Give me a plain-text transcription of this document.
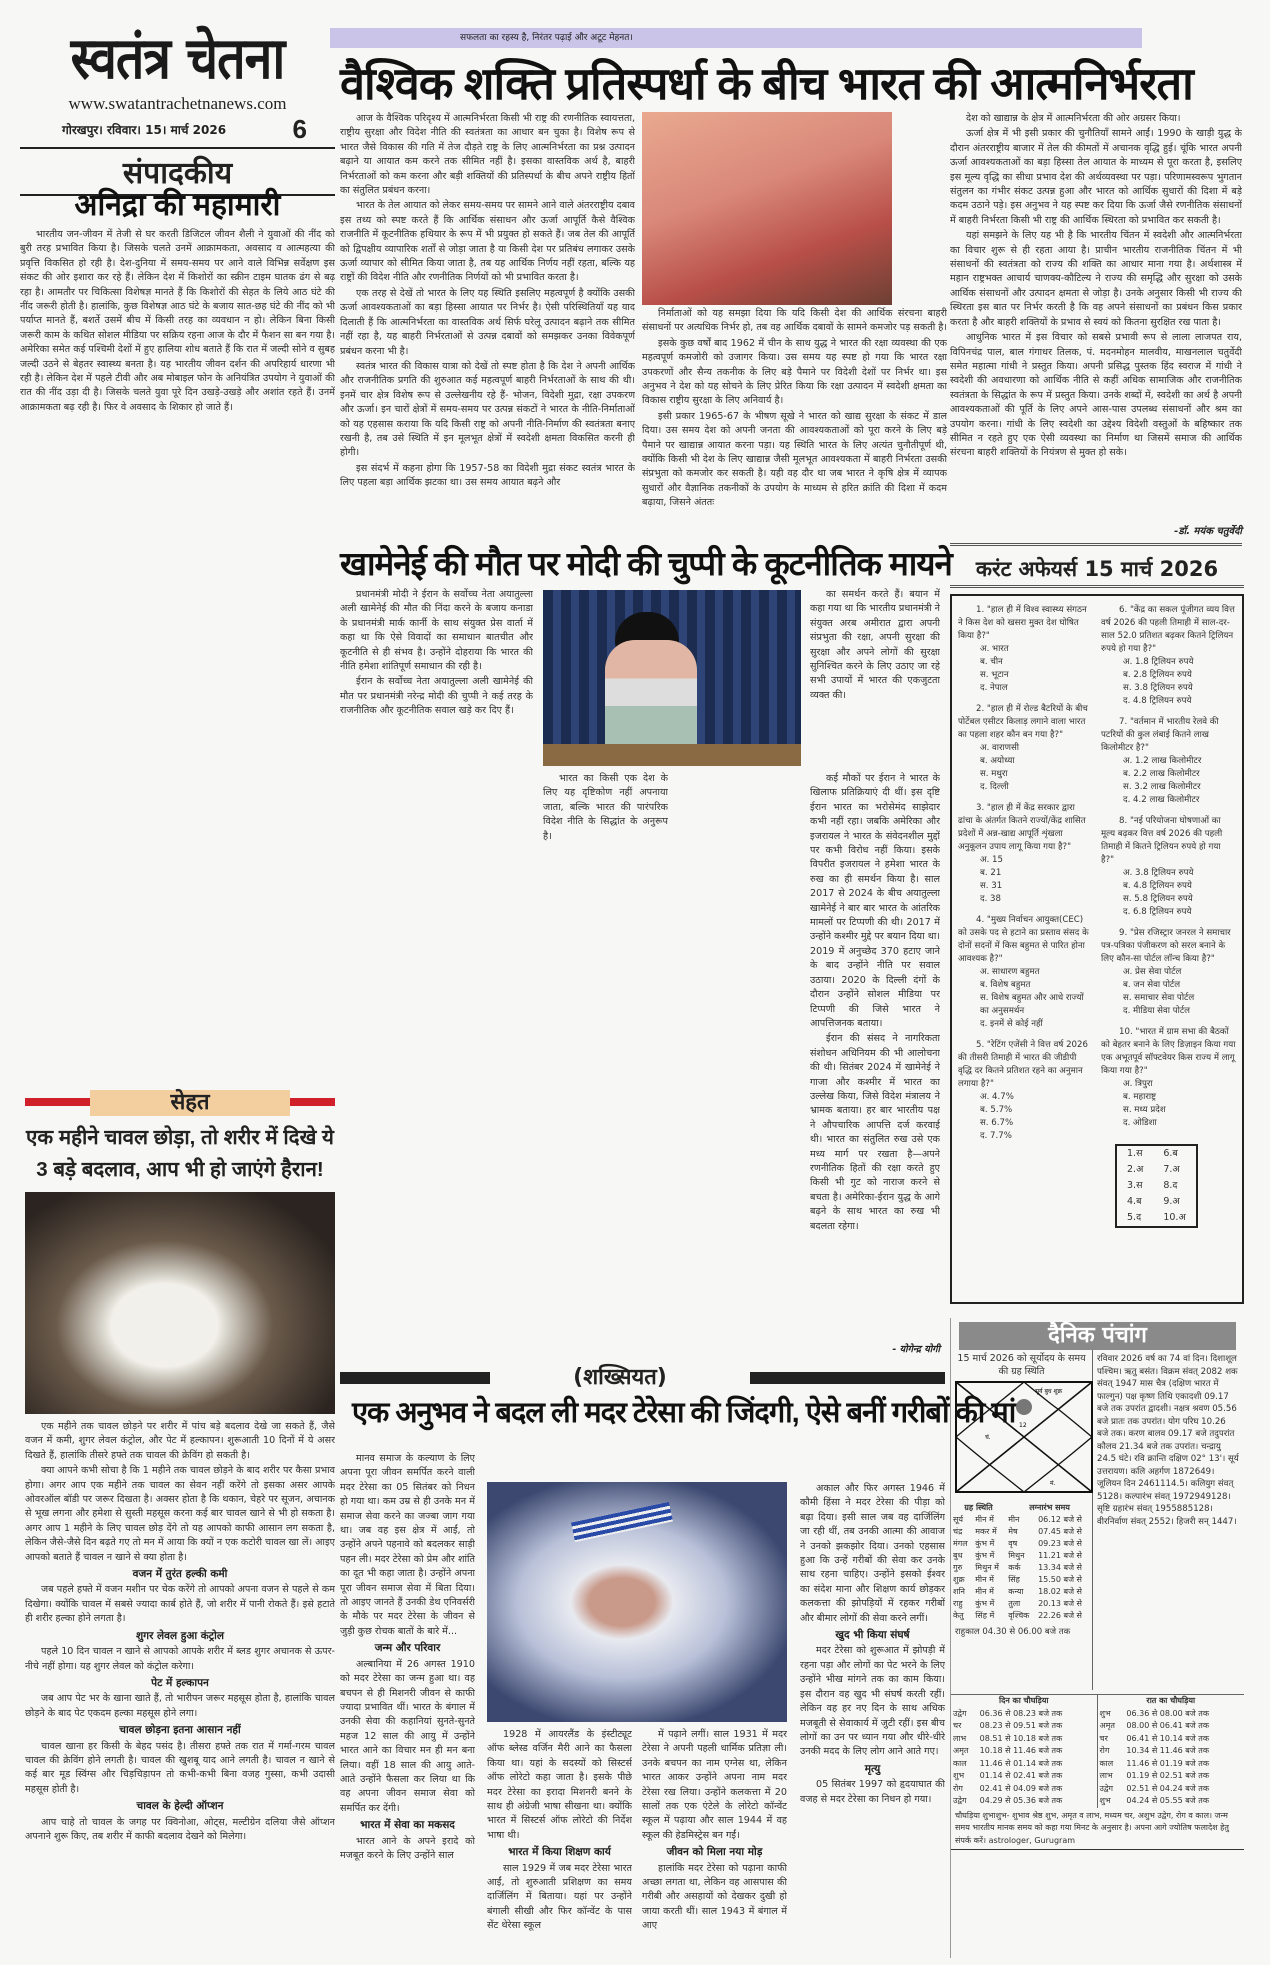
स्वतंत्र चेतना
www.swatantrachetnanews.com
गोरखपुर। रविवार। 15। मार्च 2026	6
संपादकीय
अनिद्रा की महामारी

भारतीय जन-जीवन में तेजी से घर करती डिजिटल जीवन शैली ने युवाओं की नींद को बुरी तरह प्रभावित किया है। जिसके चलते उनमें आक्रामकता, अवसाद व आत्महत्या की प्रवृत्ति विकसित हो रही है। देश-दुनिया में समय-समय पर आने वाले विभिन्न सर्वेक्षण इस संकट की ओर इशारा कर रहे हैं। लेकिन देश में किशोरों का स्क्रीन टाइम घातक ढंग से बढ़ रहा है। आमतौर पर चिकित्सा विशेषज्ञ मानते हैं कि किशोरों की सेहत के लिये आठ घंटे की नींद जरूरी होती है। हालांकि, कुछ विशेषज्ञ आठ घंटे के बजाय सात-छह घंटे की नींद को भी पर्याप्त मानते हैं, बशर्ते उसमें बीच में किसी तरह का व्यवधान न हो। लेकिन बिना किसी जरूरी काम के कथित सोशल मीडिया पर सक्रिय रहना आज के दौर में फैशन सा बन गया है। अमेरिका समेत कई पश्चिमी देशों में हुए हालिया शोध बताते हैं कि रात में जल्दी सोने व सुबह जल्दी उठने से बेहतर स्वास्थ्य बनता है। यह भारतीय जीवन दर्शन की अपरिहार्य धारणा भी रही है। लेकिन देश में पहले टीवी और अब मोबाइल फोन के अनियंत्रित उपयोग ने युवाओं की रात की नींद उड़ा दी है। जिसके चलते युवा पूरे दिन उखड़े-उखड़े और अशांत रहते हैं। उनमें आक्रामकता बढ़ रही है। फिर वे अवसाद के शिकार हो जाते हैं।

सेहत
एक महीने चावल छोड़ा, तो शरीर में दिखे ये 3 बड़े बदलाव, आप भी हो जाएंगे हैरान!

एक महीने तक चावल छोड़ने पर शरीर में पांच बड़े बदलाव देखे जा सकते हैं, जैसे वजन में कमी, शुगर लेवल कंट्रोल, और पेट में हल्कापन। शुरूआती 10 दिनों में ये असर दिखते हैं, हालांकि तीसरे हफ्ते तक चावल की क्रेविंग हो सकती है।

क्या आपने कभी सोचा है कि 1 महीने तक चावल छोड़ने के बाद शरीर पर कैसा प्रभाव होगा। अगर आप एक महीने तक चावल का सेवन नहीं करेंगे तो इसका असर आपके ओवरऑल बॉडी पर जरूर दिखता है। अक्सर होता है कि थकान, चेहरे पर सूजन, अचानक से भूख लगना और हमेशा से सुस्ती महसूस करना कई बार चावल खाने से भी हो सकता है। अगर आप 1 महीने के लिए चावल छोड़ देंगे तो यह आपको काफी आसान लग सकता है, लेकिन जैसे-जैसे दिन बढ़ते गए तो मन में आया कि क्यों न एक कटोरी चावल खा लें। आइए आपको बताते हैं चावल न खाने से क्या होता है।

वजन में तुरंत हल्की कमी

जब पहले हफ्ते में वजन मशीन पर चेक करेंगे तो आपको अपना वजन से पहले से कम दिखेगा। क्योंकि चावल में सबसे ज्यादा कार्ब होते हैं, जो शरीर में पानी रोकते हैं। इसे हटाते ही शरीर हल्का होने लगता है।

शुगर लेवल हुआ कंट्रोल

पहले 10 दिन चावल न खाने से आपको आपके शरीर में ब्लड शुगर अचानक से ऊपर-नीचे नहीं होगा। यह शुगर लेवल को कंट्रोल करेगा।

पेट में हल्कापन

जब आप पेट भर के खाना खाते हैं, तो भारीपन जरूर महसूस होता है, हालांकि चावल छोड़ने के बाद पेट एकदम हल्का महसूस होने लगा।

चावल छोड़ना इतना आसान नहीं

चावल खाना हर किसी के बेहद पसंद है। तीसरा हफ्ते तक रात में गर्मा-गरम चावल चावल की क्रेविंग होने लगती है। चावल की खुशबू याद आने लगती है। चावल न खाने से कई बार मूड स्विंग्स और चिड़चिड़ापन तो कभी-कभी बिना वजह गुस्सा, कभी उदासी महसूस होती है।

चावल के हेल्दी ऑप्शन

आप चाहे तो चावल के जगह पर क्विनोआ, ओट्स, मल्टीग्रेन दलिया जैसे ऑप्शन अपनाने शुरू किए, तब शरीर में काफी बदलाव देखने को मिलेगा।

सफलता का रहस्य है, निरंतर पढ़ाई और अटूट मेहनत।
वैश्विक शक्ति प्रतिस्पर्धा के बीच भारत की आत्मनिर्भरता

आज के वैश्विक परिदृश्य में आत्मनिर्भरता किसी भी राष्ट्र की रणनीतिक स्वायत्तता, राष्ट्रीय सुरक्षा और विदेश नीति की स्वतंत्रता का आधार बन चुका है। विशेष रूप से भारत जैसे विकास की गति में तेज दौड़ते राष्ट्र के लिए आत्मनिर्भरता का प्रश्न उत्पादन बढ़ाने या आयात कम करने तक सीमित नहीं है। इसका वास्तविक अर्थ है, बाहरी निर्भरताओं को कम करना और बड़ी शक्तियों की प्रतिस्पर्धा के बीच अपने राष्ट्रीय हितों का संतुलित प्रबंधन करना।

भारत के तेल आयात को लेकर समय-समय पर सामने आने वाले अंतरराष्ट्रीय दबाव इस तथ्य को स्पष्ट करते हैं कि आर्थिक संसाधन और ऊर्जा आपूर्ति कैसे वैश्विक राजनीति में कूटनीतिक हथियार के रूप में भी प्रयुक्त हो सकते हैं। जब तेल की आपूर्ति को द्विपक्षीय व्यापारिक शर्तों से जोड़ा जाता है या किसी देश पर प्रतिबंध लगाकर उसके ऊर्जा व्यापार को सीमित किया जाता है, तब यह आर्थिक निर्णय नहीं रहता, बल्कि यह राष्ट्रों की विदेश नीति और रणनीतिक निर्णयों को भी प्रभावित करता है।

एक तरह से देखें तो भारत के लिए यह स्थिति इसलिए महत्वपूर्ण है क्योंकि उसकी ऊर्जा आवश्यकताओं का बड़ा हिस्सा आयात पर निर्भर है। ऐसी परिस्थितियाँ यह याद दिलाती हैं कि आत्मनिर्भरता का वास्तविक अर्थ सिर्फ घरेलू उत्पादन बढ़ाने तक सीमित नहीं रहा है, यह बाहरी निर्भरताओं से उत्पन्न दबावों को समझकर उनका विवेकपूर्ण प्रबंधन करना भी है।

स्वतंत्र भारत की विकास यात्रा को देखें तो स्पष्ट होता है कि देश ने अपनी आर्थिक और राजनीतिक प्रगति की शुरुआत कई महत्वपूर्ण बाहरी निर्भरताओं के साथ की थी। इनमें चार क्षेत्र विशेष रूप से उल्लेखनीय रहे हैं- भोजन, विदेशी मुद्रा, रक्षा उपकरण और ऊर्जा। इन चारों क्षेत्रों में समय-समय पर उत्पन्न संकटों ने भारत के नीति-निर्माताओं को यह एहसास कराया कि यदि किसी राष्ट्र को अपनी नीति-निर्माण की स्वतंत्रता बनाए रखनी है, तब उसे स्थिति में इन मूलभूत क्षेत्रों में स्वदेशी क्षमता विकसित करनी ही होगी।

इस संदर्भ में कहना होगा कि 1957-58 का विदेशी मुद्रा संकट स्वतंत्र भारत के लिए पहला बड़ा आर्थिक झटका था। उस समय आयात बढ़ने और

निर्माताओं को यह समझा दिया कि यदि किसी देश की आर्थिक संरचना बाहरी संसाधनों पर अत्यधिक निर्भर हो, तब वह आर्थिक दबावों के सामने कमजोर पड़ सकती है।

इसके कुछ वर्षों बाद 1962 में चीन के साथ युद्ध ने भारत की रक्षा व्यवस्था की एक महत्वपूर्ण कमजोरी को उजागर किया। उस समय यह स्पष्ट हो गया कि भारत रक्षा उपकरणों और सैन्य तकनीक के लिए बड़े पैमाने पर विदेशी देशों पर निर्भर था। इस अनुभव ने देश को यह सोचने के लिए प्रेरित किया कि रक्षा उत्पादन में स्वदेशी क्षमता का विकास राष्ट्रीय सुरक्षा के लिए अनिवार्य है।

इसी प्रकार 1965-67 के भीषण सूखे ने भारत को खाद्य सुरक्षा के संकट में डाल दिया। उस समय देश को अपनी जनता की आवश्यकताओं को पूरा करने के लिए बड़े पैमाने पर खाद्यान्न आयात करना पड़ा। यह स्थिति भारत के लिए अत्यंत चुनौतीपूर्ण थी, क्योंकि किसी भी देश के लिए खाद्यान्न जैसी मूलभूत आवश्यकता में बाहरी निर्भरता उसकी संप्रभुता को कमजोर कर सकती है। यही वह दौर था जब भारत ने कृषि क्षेत्र में व्यापक सुधारों और वैज्ञानिक तकनीकों के उपयोग के माध्यम से हरित क्रांति की दिशा में कदम बढ़ाया, जिसने अंततः

देश को खाद्यान्न के क्षेत्र में आत्मनिर्भरता की ओर अग्रसर किया।

ऊर्जा क्षेत्र में भी इसी प्रकार की चुनौतियाँ सामने आईं। 1990 के खाड़ी युद्ध के दौरान अंतरराष्ट्रीय बाजार में तेल की कीमतों में अचानक वृद्धि हुई। चूंकि भारत अपनी ऊर्जा आवश्यकताओं का बड़ा हिस्सा तेल आयात के माध्यम से पूरा करता है, इसलिए इस मूल्य वृद्धि का सीधा प्रभाव देश की अर्थव्यवस्था पर पड़ा। परिणामस्वरूप भुगतान संतुलन का गंभीर संकट उत्पन्न हुआ और भारत को आर्थिक सुधारों की दिशा में बड़े कदम उठाने पड़े। इस अनुभव ने यह स्पष्ट कर दिया कि ऊर्जा जैसे रणनीतिक संसाधनों में बाहरी निर्भरता किसी भी राष्ट्र की आर्थिक स्थिरता को प्रभावित कर सकती है।

यहां समझने के लिए यह भी है कि भारतीय चिंतन में स्वदेशी और आत्मनिर्भरता का विचार शुरू से ही रहता आया है। प्राचीन भारतीय राजनीतिक चिंतन में भी संसाधनों की स्वतंत्रता को राज्य की शक्ति का आधार माना गया है। अर्थशास्त्र में महान राष्ट्रभक्त आचार्य चाणक्य-कौटिल्य ने राज्य की समृद्धि और सुरक्षा को उसके आर्थिक संसाधनों और उत्पादन क्षमता से जोड़ा है। उनके अनुसार किसी भी राज्य की स्थिरता इस बात पर निर्भर करती है कि वह अपने संसाधनों का प्रबंधन किस प्रकार करता है और बाहरी शक्तियों के प्रभाव से स्वयं को कितना सुरक्षित रख पाता है।

आधुनिक भारत में इस विचार को सबसे प्रभावी रूप से लाला लाजपत राय, विपिनचंद्र पाल, बाल गंगाधर तिलक, पं. मदनमोहन मालवीय, माखनलाल चतुर्वेदी समेत महात्मा गांधी ने प्रस्तुत किया। अपनी प्रसिद्ध पुस्तक हिंद स्वराज में गांधी ने स्वदेशी की अवधारणा को आर्थिक नीति से कहीं अधिक सामाजिक और राजनीतिक स्वतंत्रता के सिद्धांत के रूप में प्रस्तुत किया। उनके शब्दों में, स्वदेशी का अर्थ है अपनी आवश्यकताओं की पूर्ति के लिए अपने आस-पास उपलब्ध संसाधनों और श्रम का उपयोग करना। गांधी के लिए स्वदेशी का उद्देश्य विदेशी वस्तुओं के बहिष्कार तक सीमित न रहते हुए एक ऐसी व्यवस्था का निर्माण था जिसमें समाज की आर्थिक संरचना बाहरी शक्तियों के नियंत्रण से मुक्त हो सके।

-डॉ. मयंक चतुर्वेदी
खामेनेई की मौत पर मोदी की चुप्पी के कूटनीतिक मायने

प्रधानमंत्री मोदी ने ईरान के सर्वोच्च नेता अयातुल्ला अली खामेनेई की मौत की निंदा करने के बजाय कनाडा के प्रधानमंत्री मार्क कार्नी के साथ संयुक्त प्रेस वार्ता में कहा था कि ऐसे विवादों का समाधान बातचीत और कूटनीति से ही संभव है। उन्होंने दोहराया कि भारत की नीति हमेशा शांतिपूर्ण समाधान की रही है।

ईरान के सर्वोच्च नेता अयातुल्ला अली खामेनेई की मौत पर प्रधानमंत्री नरेन्द्र मोदी की चुप्पी ने कई तरह के राजनीतिक और कूटनीतिक सवाल खड़े कर दिए हैं।

भारत का किसी एक देश के लिए यह दृष्टिकोण नहीं अपनाया जाता, बल्कि भारत की पारंपरिक विदेश नीति के सिद्धांत के अनुरूप है।

का समर्थन करते हैं। बयान में कहा गया था कि भारतीय प्रधानमंत्री ने संयुक्त अरब अमीरात द्वारा अपनी संप्रभुता की रक्षा, अपनी सुरक्षा की सुरक्षा और अपने लोगों की सुरक्षा सुनिश्चित करने के लिए उठाए जा रहे सभी उपायों में भारत की एकजुटता व्यक्त की।

कई मौकों पर ईरान ने भारत के खिलाफ प्रतिक्रियाएं दी थीं। इस दृष्टि ईरान भारत का भरोसेमंद साझेदार कभी नहीं रहा। जबकि अमेरिका और इजरायल ने भारत के संवेदनशील मुद्दों पर कभी विरोध नहीं किया। इसके विपरीत इजरायल ने हमेशा भारत के रुख का ही समर्थन किया है। साल 2017 से 2024 के बीच अयातुल्ला खामेनेई ने बार बार भारत के आंतरिक मामलों पर टिप्पणी की थी। 2017 में उन्होंने कश्मीर मुद्दे पर बयान दिया था। 2019 में अनुच्छेद 370 हटाए जाने के बाद उन्होंने नीति पर सवाल उठाया। 2020 के दिल्ली दंगों के दौरान उन्होंने सोशल मीडिया पर टिप्पणी की जिसे भारत ने आपत्तिजनक बताया।

ईरान की संसद ने नागरिकता संशोधन अधिनियम की भी आलोचना की थी। सितंबर 2024 में खामेनेई ने गाजा और कश्मीर में भारत का उल्लेख किया, जिसे विदेश मंत्रालय ने भ्रामक बताया। हर बार भारतीय पक्ष ने औपचारिक आपत्ति दर्ज करवाई थी। भारत का संतुलित रुख उसे एक मध्य मार्ग पर रखता है—अपने रणनीतिक हितों की रक्षा करते हुए किसी भी गुट को नाराज करने से बचता है। अमेरिका-ईरान युद्ध के आगे बढ़ने के साथ भारत का रुख भी बदलता रहेगा।

- योगेन्द्र योगी
करंट अफेयर्स 15 मार्च 2026
1. "हाल ही में विश्व स्वास्थ्य संगठन ने किस देश को खसरा मुक्त देश घोषित किया है?"
अ. भारत
ब. चीन
स. भूटान
द. नेपाल
2. "हाल ही में रोल्ड बैटरियों के बीच पोर्टेबल एसीटर किलाड़ लगाने वाला भारत का पहला शहर कौन बन गया है?"
अ. वाराणसी
ब. अयोध्या
स. मथुरा
द. दिल्ली
3. "हाल ही में केंद्र सरकार द्वारा ढांचा के अंतर्गत कितने राज्यों/केंद्र शासित प्रदेशों में अन्न-खाद्य आपूर्ति शृंखला अनुकूलन उपाय लागू किया गया है?"
अ. 15
ब. 21
स. 31
द. 38
4. "मुख्य निर्वाचन आयुक्त(CEC) को उसके पद से हटाने का प्रस्ताव संसद के दोनों सदनों में किस बहुमत से पारित होना आवश्यक है?"
अ. साधारण बहुमत
ब. विशेष बहुमत
स. विशेष बहुमत और आधे राज्यों का अनुसमर्थन
द. इनमें से कोई नहीं
5. "रेटिंग एजेंसी ने वित्त वर्ष 2026 की तीसरी तिमाही में भारत की जीडीपी वृद्धि दर कितने प्रतिशत रहने का अनुमान लगाया है?"
अ. 4.7%
ब. 5.7%
स. 6.7%
द. 7.7%
6. "केंद्र का सकल पूंजीगत व्यय वित्त वर्ष 2026 की पहली तिमाही में साल-दर-साल 52.0 प्रतिशत बढ़कर कितने ट्रिलियन रुपये हो गया है?"
अ. 1.8 ट्रिलियन रुपये
ब. 2.8 ट्रिलियन रुपये
स. 3.8 ट्रिलियन रुपये
द. 4.8 ट्रिलियन रुपये
7. "वर्तमान में भारतीय रेलवे की पटरियों की कुल लंबाई कितने लाख किलोमीटर है?"
अ. 1.2 लाख किलोमीटर
ब. 2.2 लाख किलोमीटर
स. 3.2 लाख किलोमीटर
द. 4.2 लाख किलोमीटर
8. "नई परियोजना घोषणाओं का मूल्य बढ़कर वित्त वर्ष 2026 की पहली तिमाही में कितने ट्रिलियन रुपये हो गया है?"
अ. 3.8 ट्रिलियन रुपये
ब. 4.8 ट्रिलियन रुपये
स. 5.8 ट्रिलियन रुपये
द. 6.8 ट्रिलियन रुपये
9. "प्रेस रजिस्ट्रार जनरल ने समाचार पत्र-पत्रिका पंजीकरण को सरल बनाने के लिए कौन-सा पोर्टल लॉन्च किया है?"
अ. प्रेस सेवा पोर्टल
ब. जन सेवा पोर्टल
स. समाचार सेवा पोर्टल
द. मीडिया सेवा पोर्टल
10. "भारत में ग्राम सभा की बैठकों को बेहतर बनाने के लिए डिज़ाइन किया गया एक अभूतपूर्व सॉफ्टवेयर किस राज्य में लागू किया गया है?"
अ. त्रिपुरा
ब. महाराष्ट्र
स. मध्य प्रदेश
द. ओडिशा
1.स	6.ब
2.अ	7.अ
3.स	8.द
4.ब	9.अ
5.द	10.अ
(शख्सियत)
एक अनुभव ने बदल ली मदर टेरेसा की जिंदगी, ऐसे बनीं गरीबों की मां

मानव समाज के कल्याण के लिए अपना पूरा जीवन समर्पित करने वाली मदर टेरेसा का 05 सितंबर को निधन हो गया था। कम उम्र से ही उनके मन में समाज सेवा करने का जज्बा जाग गया था। जब वह इस क्षेत्र में आईं, तो उन्होंने अपने पहनावे को बदलकर साड़ी पहन ली। मदर टेरेसा को प्रेम और शांति का दूत भी कहा जाता है। उन्होंने अपना पूरा जीवन समाज सेवा में बिता दिया। तो आइए जानते हैं उनकी डेथ एनिवर्सरी के मौके पर मदर टेरेसा के जीवन से जुड़ी कुछ रोचक बातों के बारे में...

जन्म और परिवार

अल्बानिया में 26 अगस्त 1910 को मदर टेरेसा का जन्म हुआ था। वह बचपन से ही मिशनरी जीवन से काफी ज्यादा प्रभावित थीं। भारत के बंगाल में उनकी सेवा की कहानियां सुनते-सुनते महज 12 साल की आयु में उन्होंने भारत आने का विचार मन ही मन बना लिया। वहीं 18 साल की आयु आते-आते उन्होंने फैसला कर लिया था कि वह अपना जीवन समाज सेवा को समर्पित कर देंगी।

भारत में सेवा का मकसद

भारत आने के अपने इरादे को मजबूत करने के लिए उन्होंने साल

1928 में आयरलैंड के इंस्टीट्यूट ऑफ ब्लेस्ड वर्जिन मैरी आने का फैसला किया था। यहां के सदस्यों को सिस्टर्स ऑफ लोरेटो कहा जाता है। इसके पीछे मदर टेरेसा का इरादा मिशनरी बनने के साथ ही अंग्रेजी भाषा सीखना था। क्योंकि भारत में सिस्टर्स ऑफ लोरेटो की निर्देश भाषा थी।

भारत में किया शिक्षण कार्य

साल 1929 में जब मदर टेरेसा भारत आईं, तो शुरुआती प्रशिक्षण का समय दार्जिलिंग में बिताया। यहां पर उन्होंने बंगाली सीखी और फिर कॉन्वेंट के पास सेंट थेरेसा स्कूल

में पढ़ाने लगीं। साल 1931 में मदर टेरेसा ने अपनी पहली धार्मिक प्रतिज्ञा ली। उनके बचपन का नाम एग्नेस था, लेकिन भारत आकर उन्होंने अपना नाम मदर टेरेसा रख लिया। उन्होंने कलकत्ता में 20 सालों तक एक एंटेले के लोरेटो कॉन्वेंट स्कूल में पढ़ाया और साल 1944 में वह स्कूल की हेडमिस्ट्रेस बन गईं।

जीवन को मिला नया मोड़

हालांकि मदर टेरेसा को पढ़ाना काफी अच्छा लगता था, लेकिन वह आसपास की गरीबी और असहायों को देखकर दुखी हो जाया करती थीं। साल 1943 में बंगाल में आए

अकाल और फिर अगस्त 1946 में कौमी हिंसा ने मदर टेरेसा की पीड़ा को बढ़ा दिया। इसी साल जब वह दार्जिलिंग जा रही थीं, तब उनकी आत्मा की आवाज ने उनको झकझोर दिया। उनको एहसास हुआ कि उन्हें गरीबों की सेवा कर उनके साथ रहना चाहिए। उन्होंने इसको ईश्वर का संदेश माना और शिक्षण कार्य छोड़कर कलकत्ता की झोपड़ियों में रहकर गरीबों और बीमार लोगों की सेवा करने लगीं।

खुद भी किया संघर्ष

मदर टेरेसा को शुरूआत में झोपड़ी में रहना पड़ा और लोगों का पेट भरने के लिए उन्होंने भीख मांगने तक का काम किया। इस दौरान वह खुद भी संघर्ष करती रहीं। लेकिन वह हर नए दिन के साथ अधिक मजबूती से सेवाकार्य में जुटी रहीं। इस बीच लोगों का उन पर ध्यान गया और धीरे-धीरे उनकी मदद के लिए लोग आने आते गए।

मृत्यु

05 सितंबर 1997 को हृदयाघात की वजह से मदर टेरेसा का निधन हो गया।

दैनिक पंचांग
15 मार्च 2026 को सूर्योदय के समय की ग्रह स्थिति
सूर्य बुध शुक्र
12
चं.
मं.
ग्रह स्थिति		लग्नारंभ समय	
सूर्य	मीन में	मीन	06.12 बजे से
चंद्र	मकर में	मेष	07.45 बजे से
मंगल	कुंभ में	वृष	09.23 बजे से
बुध	कुंभ में	मिथुन	11.21 बजे से
गुरु	मिथुन में	कर्क	13.34 बजे से
शुक्र	मीन में	सिंह	15.50 बजे से
शनि	मीन में	कन्या	18.02 बजे से
राहु	कुंभ में	तुला	20.13 बजे से
केतु	सिंह में	वृश्चिक	22.26 बजे से
राहुकाल 04.30 से 06.00 बजे तक
रविवार 2026 वर्ष का 74 वां दिन। दिशाशूल पश्चिम। ऋतु बसंत। विक्रम संवत् 2082 शक संवत् 1947 मास चैत्र (दक्षिण भारत में फाल्गुन) पक्ष कृष्ण तिथि एकादशी 09.17 बजे तक उपरांत द्वादशी। नक्षत्र श्रवण 05.56 बजे प्रातः तक उपरांत। योग परिघ 10.26 बजे तक। करण बालव 09.17 बजे तदुपरांत कौलव 21.34 बजे तक उपरांत। चन्द्रायु 24.5 घंटे। रवि क्रान्ति दक्षिण 02° 13'। सूर्य उत्तरायण। कलि अहर्गण 1872649। जूलियन दिन 2461114.5। कलियुग संवत् 5128। कल्पारंभ संवत् 1972949128। सृष्टि ग्रहारंभ संवत् 1955885128। वीरनिर्वाण संवत् 2552। हिजरी सन् 1447।
दिन का चौघड़िया	
उद्वेग	06.36 से 08.23 बजे तक
चर	08.23 से 09.51 बजे तक
लाभ	08.51 से 10.18 बजे तक
अमृत	10.18 से 11.46 बजे तक
काल	11.46 से 01.14 बजे तक
शुभ	01.14 से 02.41 बजे तक
रोग	02.41 से 04.09 बजे तक
उद्वेग	04.29 से 05.36 बजे तक
रात का चौघड़िया	
शुभ	06.36 से 08.00 बजे तक
अमृत	08.00 से 06.41 बजे तक
चर	06.41 से 10.14 बजे तक
रोग	10.34 से 11.46 बजे तक
काल	11.46 से 01.19 बजे तक
लाभ	01.19 से 02.51 बजे तक
उद्वेग	02.51 से 04.24 बजे तक
शुभ	04.24 से 05.55 बजे तक
चौघड़िया शुभाशुभ- शुभाव श्रेष्ठ शुभ, अमृत व लाभ, मध्यम चर, अशुभ उद्वेग, रोग व काल। जन्म समय भारतीय मानक समय को कहा गया मिनट के अनुसार है। अपना आगे ज्योतिष फलादेश हेतु संपर्क करें। astrologer, Gurugram
